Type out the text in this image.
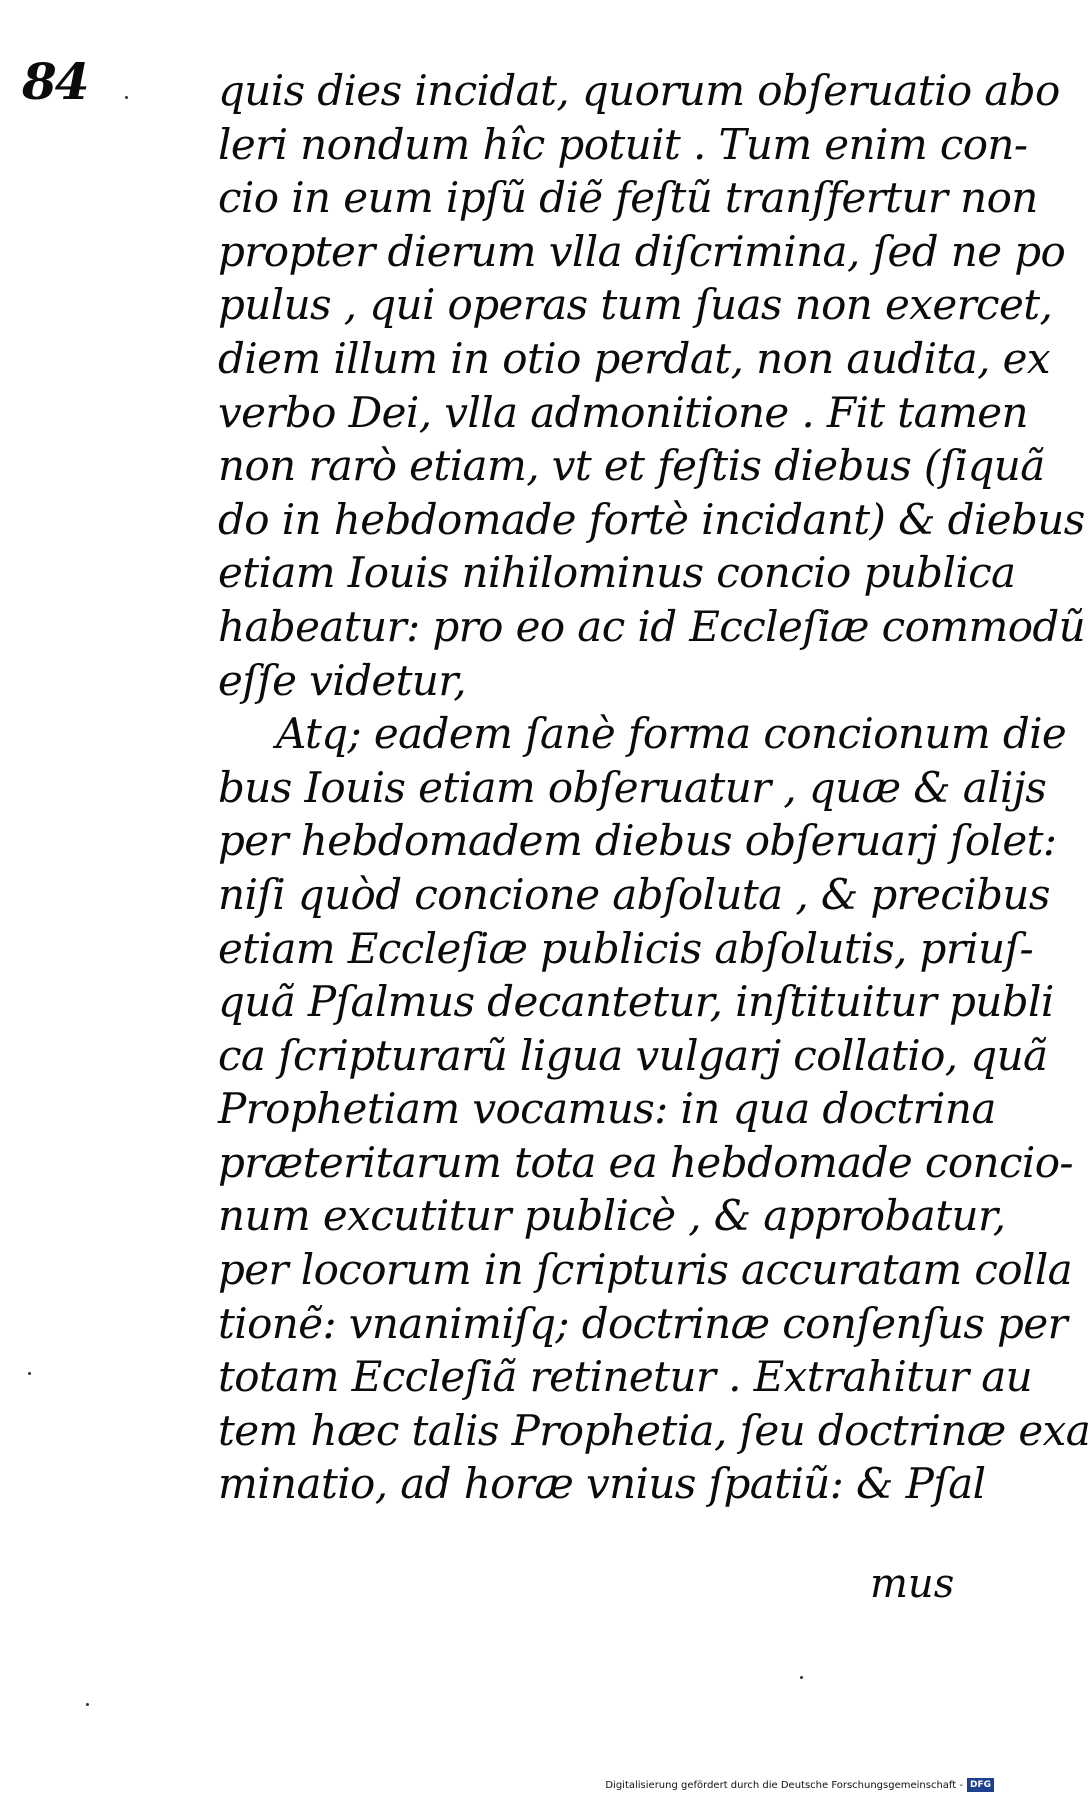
84	quis dies incidat, quorum obſeruatio abo
leri nondum hîc potuit . Tum enim con-
cio in eum ipſũ diẽ feſtũ tranſfertur non
propter dierum vlla diſcrimina, ſed ne po
pulus , qui operas tum ſuas non exercet,
diem illum in otio perdat, non audita, ex
verbo Dei, vlla admonitione . Fit tamen
non rarò etiam, vt et feſtis diebus (ſiquã
do in hebdomade fortè incidant) & diebus
etiam Iouis nihilominus concio publica
habeatur: pro eo ac id Eccleſiæ commodũ
eſſe videtur,
Atq; eadem ſanè forma concionum die
bus Iouis etiam obſeruatur , quæ & alijs
per hebdomadem diebus obſeruarj ſolet:
niſi quòd concione abſoluta , & precibus
etiam Eccleſiæ publicis abſolutis, priuſ-
quã Pſalmus decantetur, inſtituitur publi
ca ſcripturarũ ligua vulgarj collatio, quã
Prophetiam vocamus: in qua doctrina
præteritarum tota ea hebdomade concio-
num excutitur publicè , & approbatur,
per locorum in ſcripturis accuratam colla
tionẽ: vnanimiſq; doctrinæ conſenſus per
totam Eccleſiã retinetur . Extrahitur au
tem hæc talis Prophetia, ſeu doctrinæ exa
minatio, ad horæ vnius ſpatiũ: & Pſal
mus
Digitalisierung gefördert durch die Deutsche Forschungsgemeinschaft - DFG
